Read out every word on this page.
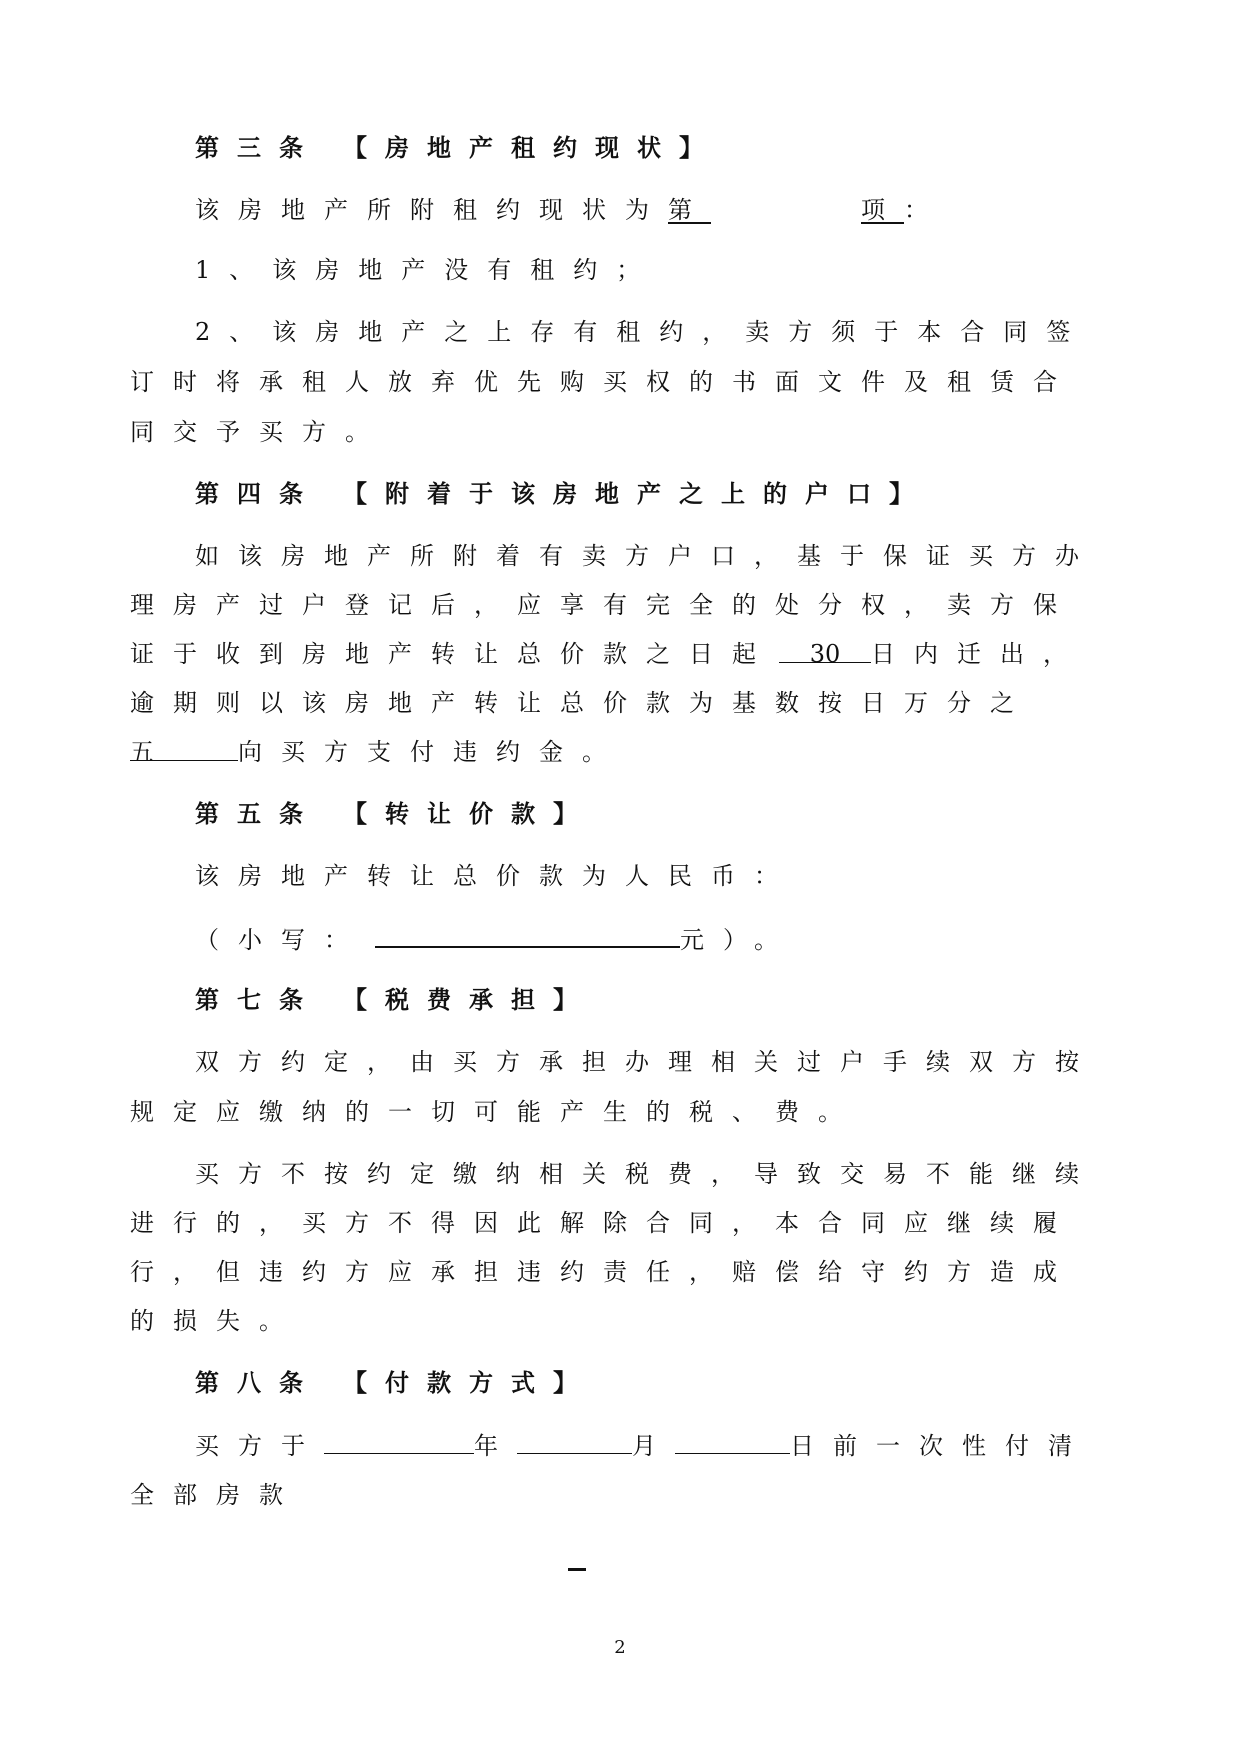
第三条 【房地产租约现状】
该房地产所附租约现状为第	项：
1、该房地产没有租约；
2、该房地产之上存有租约，卖方须于本合同签
订时将承租人放弃优先购买权的书面文件及租赁合
同交予买方。
第四条 【附着于该房地产之上的户口】
如该房地产所附着有卖方户口，基于保证买方办
理房产过户登记后，应享有完全的处分权，卖方保
证于收到房地产转让总价款之日起 30 日内迁出，
逾期则以该房地产转让总价款为基数按日万分之
五	向买方支付违约金。
第五条 【转让价款】
该房地产转让总价款为人民币：
（小写：	元）。
第七条 【税费承担】
双方约定，由买方承担办理相关过户手续双方按
规定应缴纳的一切可能产生的税、费。
买方不按约定缴纳相关税费，导致交易不能继续
进行的，买方不得因此解除合同，本合同应继续履
行，但违约方应承担违约责任，赔偿给守约方造成
的损失。
第八条 【付款方式】
买方于	年	月	日前一次性付清
全部房款
2
